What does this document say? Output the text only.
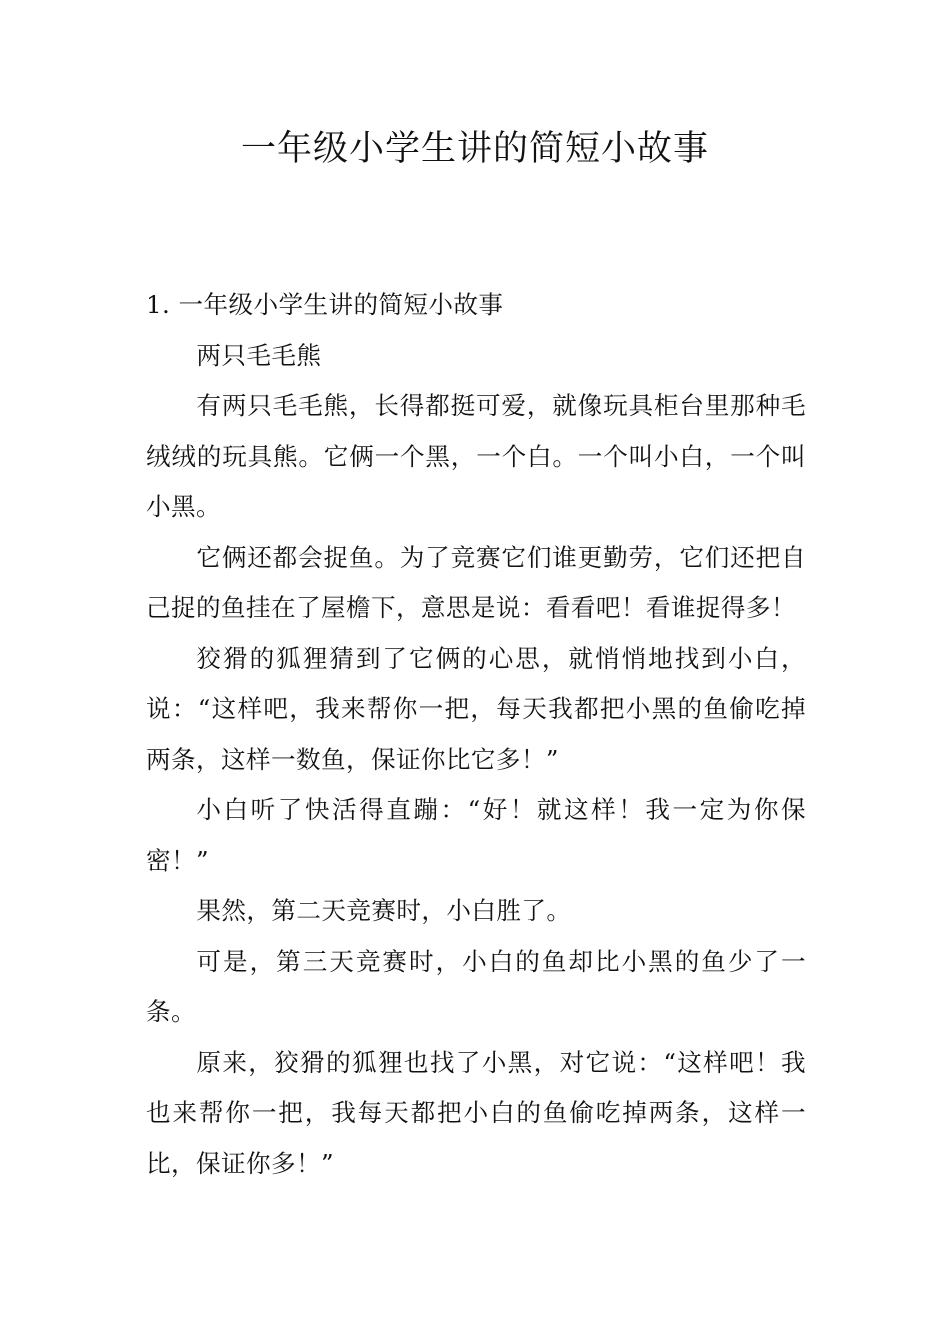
一年级小学生讲的简短小故事

1. 一年级小学生讲的简短小故事

两只毛毛熊

有两只毛毛熊，长得都挺可爱，就像玩具柜台里那种毛绒绒的玩具熊。它俩一个黑，一个白。一个叫小白，一个叫小黑。

它俩还都会捉鱼。为了竞赛它们谁更勤劳，它们还把自己捉的鱼挂在了屋檐下，意思是说：看看吧！看谁捉得多！

狡猾的狐狸猜到了它俩的心思，就悄悄地找到小白，说：“这样吧，我来帮你一把，每天我都把小黑的鱼偷吃掉两条，这样一数鱼，保证你比它多！”

小白听了快活得直蹦：“好！就这样！我一定为你保密！”

果然，第二天竞赛时，小白胜了。

可是，第三天竞赛时，小白的鱼却比小黑的鱼少了一条。

原来，狡猾的狐狸也找了小黑，对它说：“这样吧！我也来帮你一把，我每天都把小白的鱼偷吃掉两条，这样一比，保证你多！”
